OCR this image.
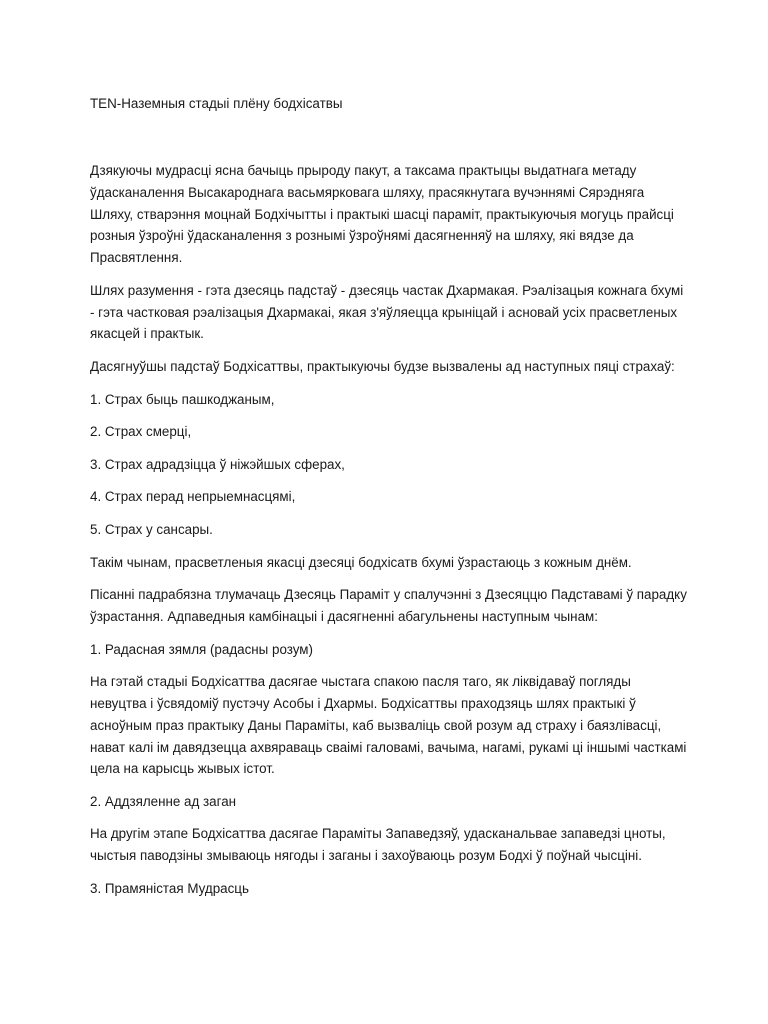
TEN-Наземныя стадыі плёну бодхісатвы

Дзякуючы мудрасці ясна бачыць прыроду пакут, а таксама практыцы выдатнага метаду ўдасканалення Высакароднага васьмярковага шляху, прасякнутага вучэннямі Сярэдняга Шляху, стварэння моцнай Бодхічытты і практыкі шасці параміт, практыкуючыя могуць прайсці розныя ўзроўні ўдасканалення з рознымі ўзроўнямі дасягненняў на шляху, які вядзе да Прасвятлення.

Шлях разумення - гэта дзесяць падстаў - дзесяць частак Дхармакая. Рэалізацыя кожнага бхумі - гэта частковая рэалізацыя Дхармакаі, якая з'яўляецца крыніцай і асновай усіх прасветленых якасцей і практык.

Дасягнуўшы падстаў Бодхісаттвы, практыкуючы будзе вызвалены ад наступных пяці страхаў:

1. Страх быць пашкоджаным,

2. Страх смерці,

3. Страх адрадзіцца ў ніжэйшых сферах,

4. Страх перад непрыемнасцямі,

5. Страх у сансары.

Такім чынам, прасветленыя якасці дзесяці бодхісатв бхумі ўзрастаюць з кожным днём.

Пісанні падрабязна тлумачаць Дзесяць Параміт у спалучэнні з Дзесяццю Падставамі ў парадку ўзрастання. Адпаведныя камбінацыі і дасягненні абагульнены наступным чынам:

1. Радасная зямля (радасны розум)

На гэтай стадыі Бодхісаттва дасягае чыстага спакою пасля таго, як ліквідаваў погляды невуцтва і ўсвядоміў пустэчу Асобы і Дхармы. Бодхісаттвы праходзяць шлях практыкі ў асноўным праз практыку Даны Параміты, каб вызваліць свой розум ад страху і баязлівасці, нават калі ім давядзецца ахвяраваць сваімі галовамі, вачыма, нагамі, рукамі ці іншымі часткамі цела на карысць жывых істот.

2. Аддзяленне ад заган

На другім этапе Бодхісаттва дасягае Параміты Запаведзяў, удасканальвае запаведзі цноты, чыстыя паводзіны змываюць нягоды і заганы і захоўваюць розум Бодхі ў поўнай чысціні.

3. Прамяністая Мудрасць
